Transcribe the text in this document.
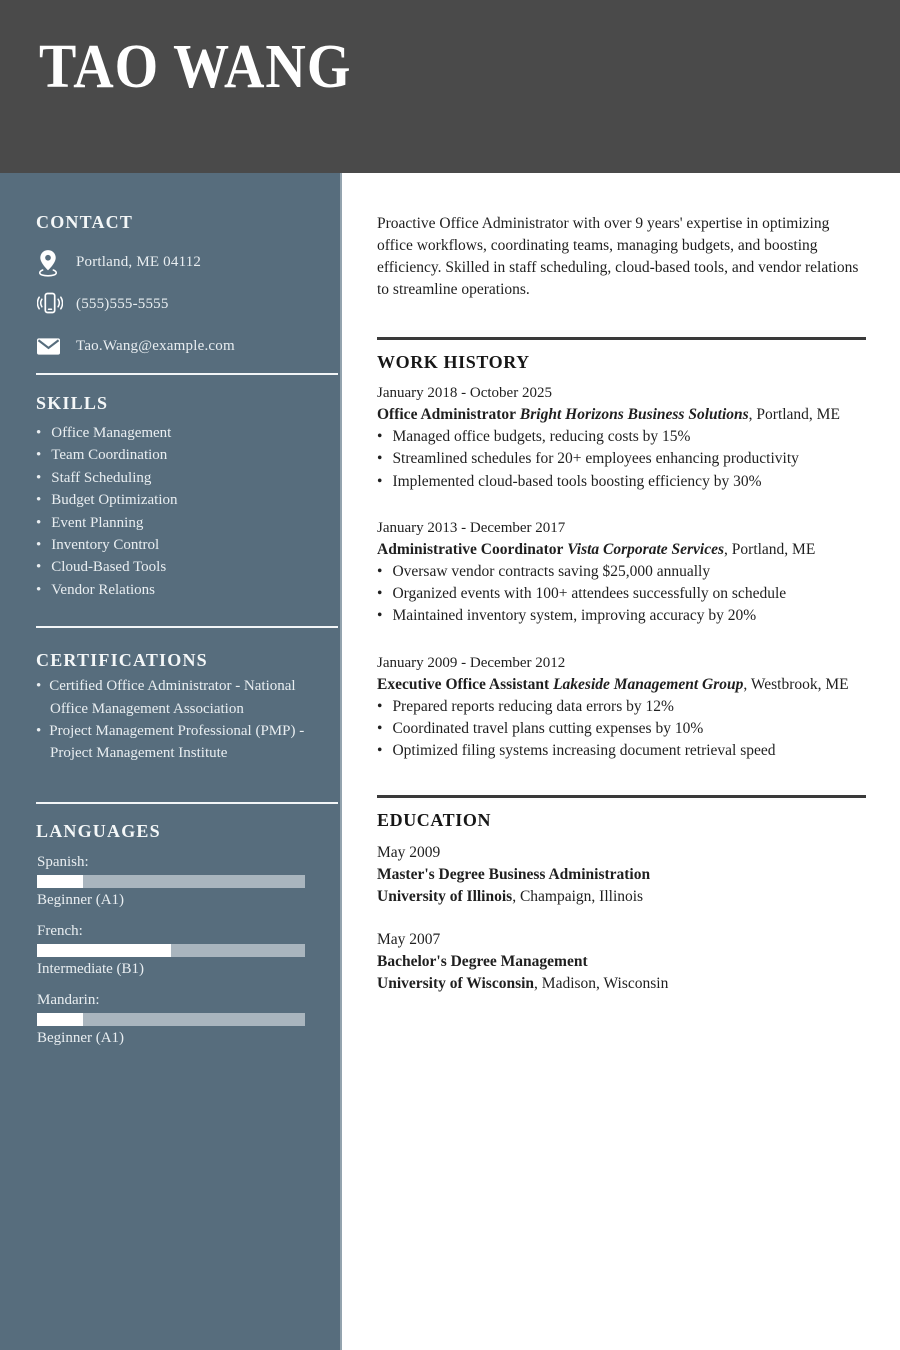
TAO WANG
CONTACT
Portland, ME 04112
(555)555-5555
Tao.Wang@example.com
SKILLS
• Office Management
• Team Coordination
• Staff Scheduling
• Budget Optimization
• Event Planning
• Inventory Control
• Cloud-Based Tools
• Vendor Relations
CERTIFICATIONS
• Certified Office Administrator - National Office Management Association
• Project Management Professional (PMP) - Project Management Institute
LANGUAGES
Spanish:
Beginner (A1)
French:
Intermediate (B1)
Mandarin:
Beginner (A1)

Proactive Office Administrator with over 9 years' expertise in optimizing office workflows, coordinating teams, managing budgets, and boosting efficiency. Skilled in staff scheduling, cloud-based tools, and vendor relations to streamline operations.

WORK HISTORY
January 2018 - October 2025
Office Administrator Bright Horizons Business Solutions, Portland, ME
• Managed office budgets, reducing costs by 15%
• Streamlined schedules for 20+ employees enhancing productivity
• Implemented cloud-based tools boosting efficiency by 30%
January 2013 - December 2017
Administrative Coordinator Vista Corporate Services, Portland, ME
• Oversaw vendor contracts saving $25,000 annually
• Organized events with 100+ attendees successfully on schedule
• Maintained inventory system, improving accuracy by 20%
January 2009 - December 2012
Executive Office Assistant Lakeside Management Group, Westbrook, ME
• Prepared reports reducing data errors by 12%
• Coordinated travel plans cutting expenses by 10%
• Optimized filing systems increasing document retrieval speed
EDUCATION
May 2009
Master's Degree Business Administration
University of Illinois, Champaign, Illinois
May 2007
Bachelor's Degree Management
University of Wisconsin, Madison, Wisconsin
